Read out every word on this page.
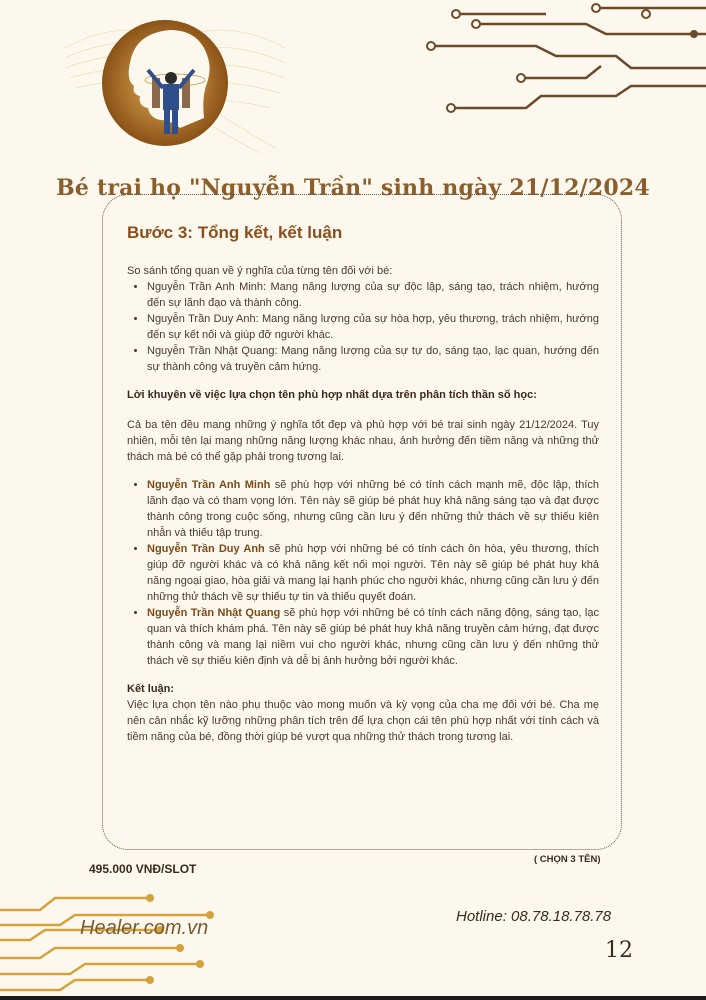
Bé trai họ "Nguyễn Trần" sinh ngày 21/12/2024
Bước 3: Tổng kết, kết luận

So sánh tổng quan về ý nghĩa của từng tên đối với bé:

• Nguyễn Trần Anh Minh: Mang năng lượng của sự độc lập, sáng tạo, trách nhiệm, hướng đến sự lãnh đạo và thành công.
• Nguyễn Trần Duy Anh: Mang năng lượng của sự hòa hợp, yêu thương, trách nhiệm, hướng đến sự kết nối và giúp đỡ người khác.
• Nguyễn Trần Nhật Quang: Mang năng lượng của sự tự do, sáng tạo, lạc quan, hướng đến sự thành công và truyền cảm hứng.

Lời khuyên về việc lựa chọn tên phù hợp nhất dựa trên phân tích thần số học:

Cả ba tên đều mang những ý nghĩa tốt đẹp và phù hợp với bé trai sinh ngày 21/12/2024. Tuy nhiên, mỗi tên lại mang những năng lượng khác nhau, ảnh hưởng đến tiềm năng và những thử thách mà bé có thể gặp phải trong tương lai.

• Nguyễn Trần Anh Minh sẽ phù hợp với những bé có tính cách mạnh mẽ, độc lập, thích lãnh đạo và có tham vọng lớn. Tên này sẽ giúp bé phát huy khả năng sáng tạo và đạt được thành công trong cuộc sống, nhưng cũng cần lưu ý đến những thử thách về sự thiếu kiên nhẫn và thiếu tập trung.
• Nguyễn Trần Duy Anh sẽ phù hợp với những bé có tính cách ôn hòa, yêu thương, thích giúp đỡ người khác và có khả năng kết nối mọi người. Tên này sẽ giúp bé phát huy khả năng ngoại giao, hòa giải và mang lại hạnh phúc cho người khác, nhưng cũng cần lưu ý đến những thử thách về sự thiếu tự tin và thiếu quyết đoán.
• Nguyễn Trần Nhật Quang sẽ phù hợp với những bé có tính cách năng động, sáng tạo, lạc quan và thích khám phá. Tên này sẽ giúp bé phát huy khả năng truyền cảm hứng, đạt được thành công và mang lại niềm vui cho người khác, nhưng cũng cần lưu ý đến những thử thách về sự thiếu kiên định và dễ bị ảnh hưởng bởi người khác.

Kết luận:

Việc lựa chọn tên nào phụ thuộc vào mong muốn và kỳ vọng của cha mẹ đối với bé. Cha mẹ nên cân nhắc kỹ lưỡng những phân tích trên để lựa chọn cái tên phù hợp nhất với tính cách và tiềm năng của bé, đồng thời giúp bé vượt qua những thử thách trong tương lai.

( CHỌN 3 TÊN)
495.000 VNĐ/SLOT
Healer.com.vn
Hotline: 08.78.18.78.78
12
